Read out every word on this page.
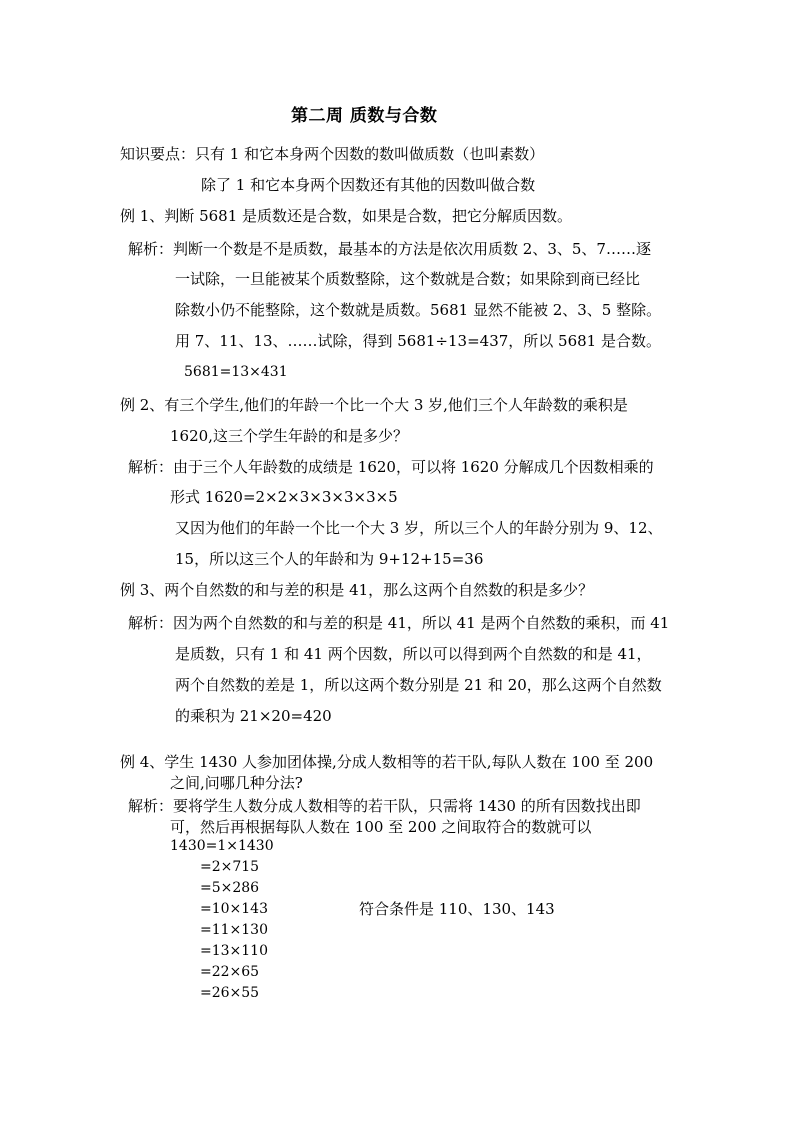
第二周 质数与合数
知识要点：只有 1 和它本身两个因数的数叫做质数（也叫素数）
除了 1 和它本身两个因数还有其他的因数叫做合数
例 1、判断 5681 是质数还是合数，如果是合数，把它分解质因数。
解析：判断一个数是不是质数，最基本的方法是依次用质数 2、3、5、7……逐
一试除，一旦能被某个质数整除，这个数就是合数；如果除到商已经比
除数小仍不能整除，这个数就是质数。5681 显然不能被 2、3、5 整除。
用 7、11、13、……试除，得到 5681÷13=437，所以 5681 是合数。
5681=13×431
例 2、有三个学生,他们的年龄一个比一个大 3 岁,他们三个人年龄数的乘积是
1620,这三个学生年龄的和是多少？
解析：由于三个人年龄数的成绩是 1620，可以将 1620 分解成几个因数相乘的
形式 1620=2×2×3×3×3×3×5
又因为他们的年龄一个比一个大 3 岁，所以三个人的年龄分别为 9、12、
15，所以这三个人的年龄和为 9+12+15=36
例 3、两个自然数的和与差的积是 41，那么这两个自然数的积是多少？
解析：因为两个自然数的和与差的积是 41，所以 41 是两个自然数的乘积，而 41
是质数，只有 1 和 41 两个因数，所以可以得到两个自然数的和是 41，
两个自然数的差是 1，所以这两个数分别是 21 和 20，那么这两个自然数
的乘积为 21×20=420
例 4、学生 1430 人参加团体操,分成人数相等的若干队,每队人数在 100 至 200
之间,问哪几种分法?
解析：要将学生人数分成人数相等的若干队，只需将 1430 的所有因数找出即
可，然后再根据每队人数在 100 至 200 之间取符合的数就可以
1430=1×1430
=2×715
=5×286
=10×143
=11×130
=13×110
=22×65
=26×55
符合条件是 110、130、143
